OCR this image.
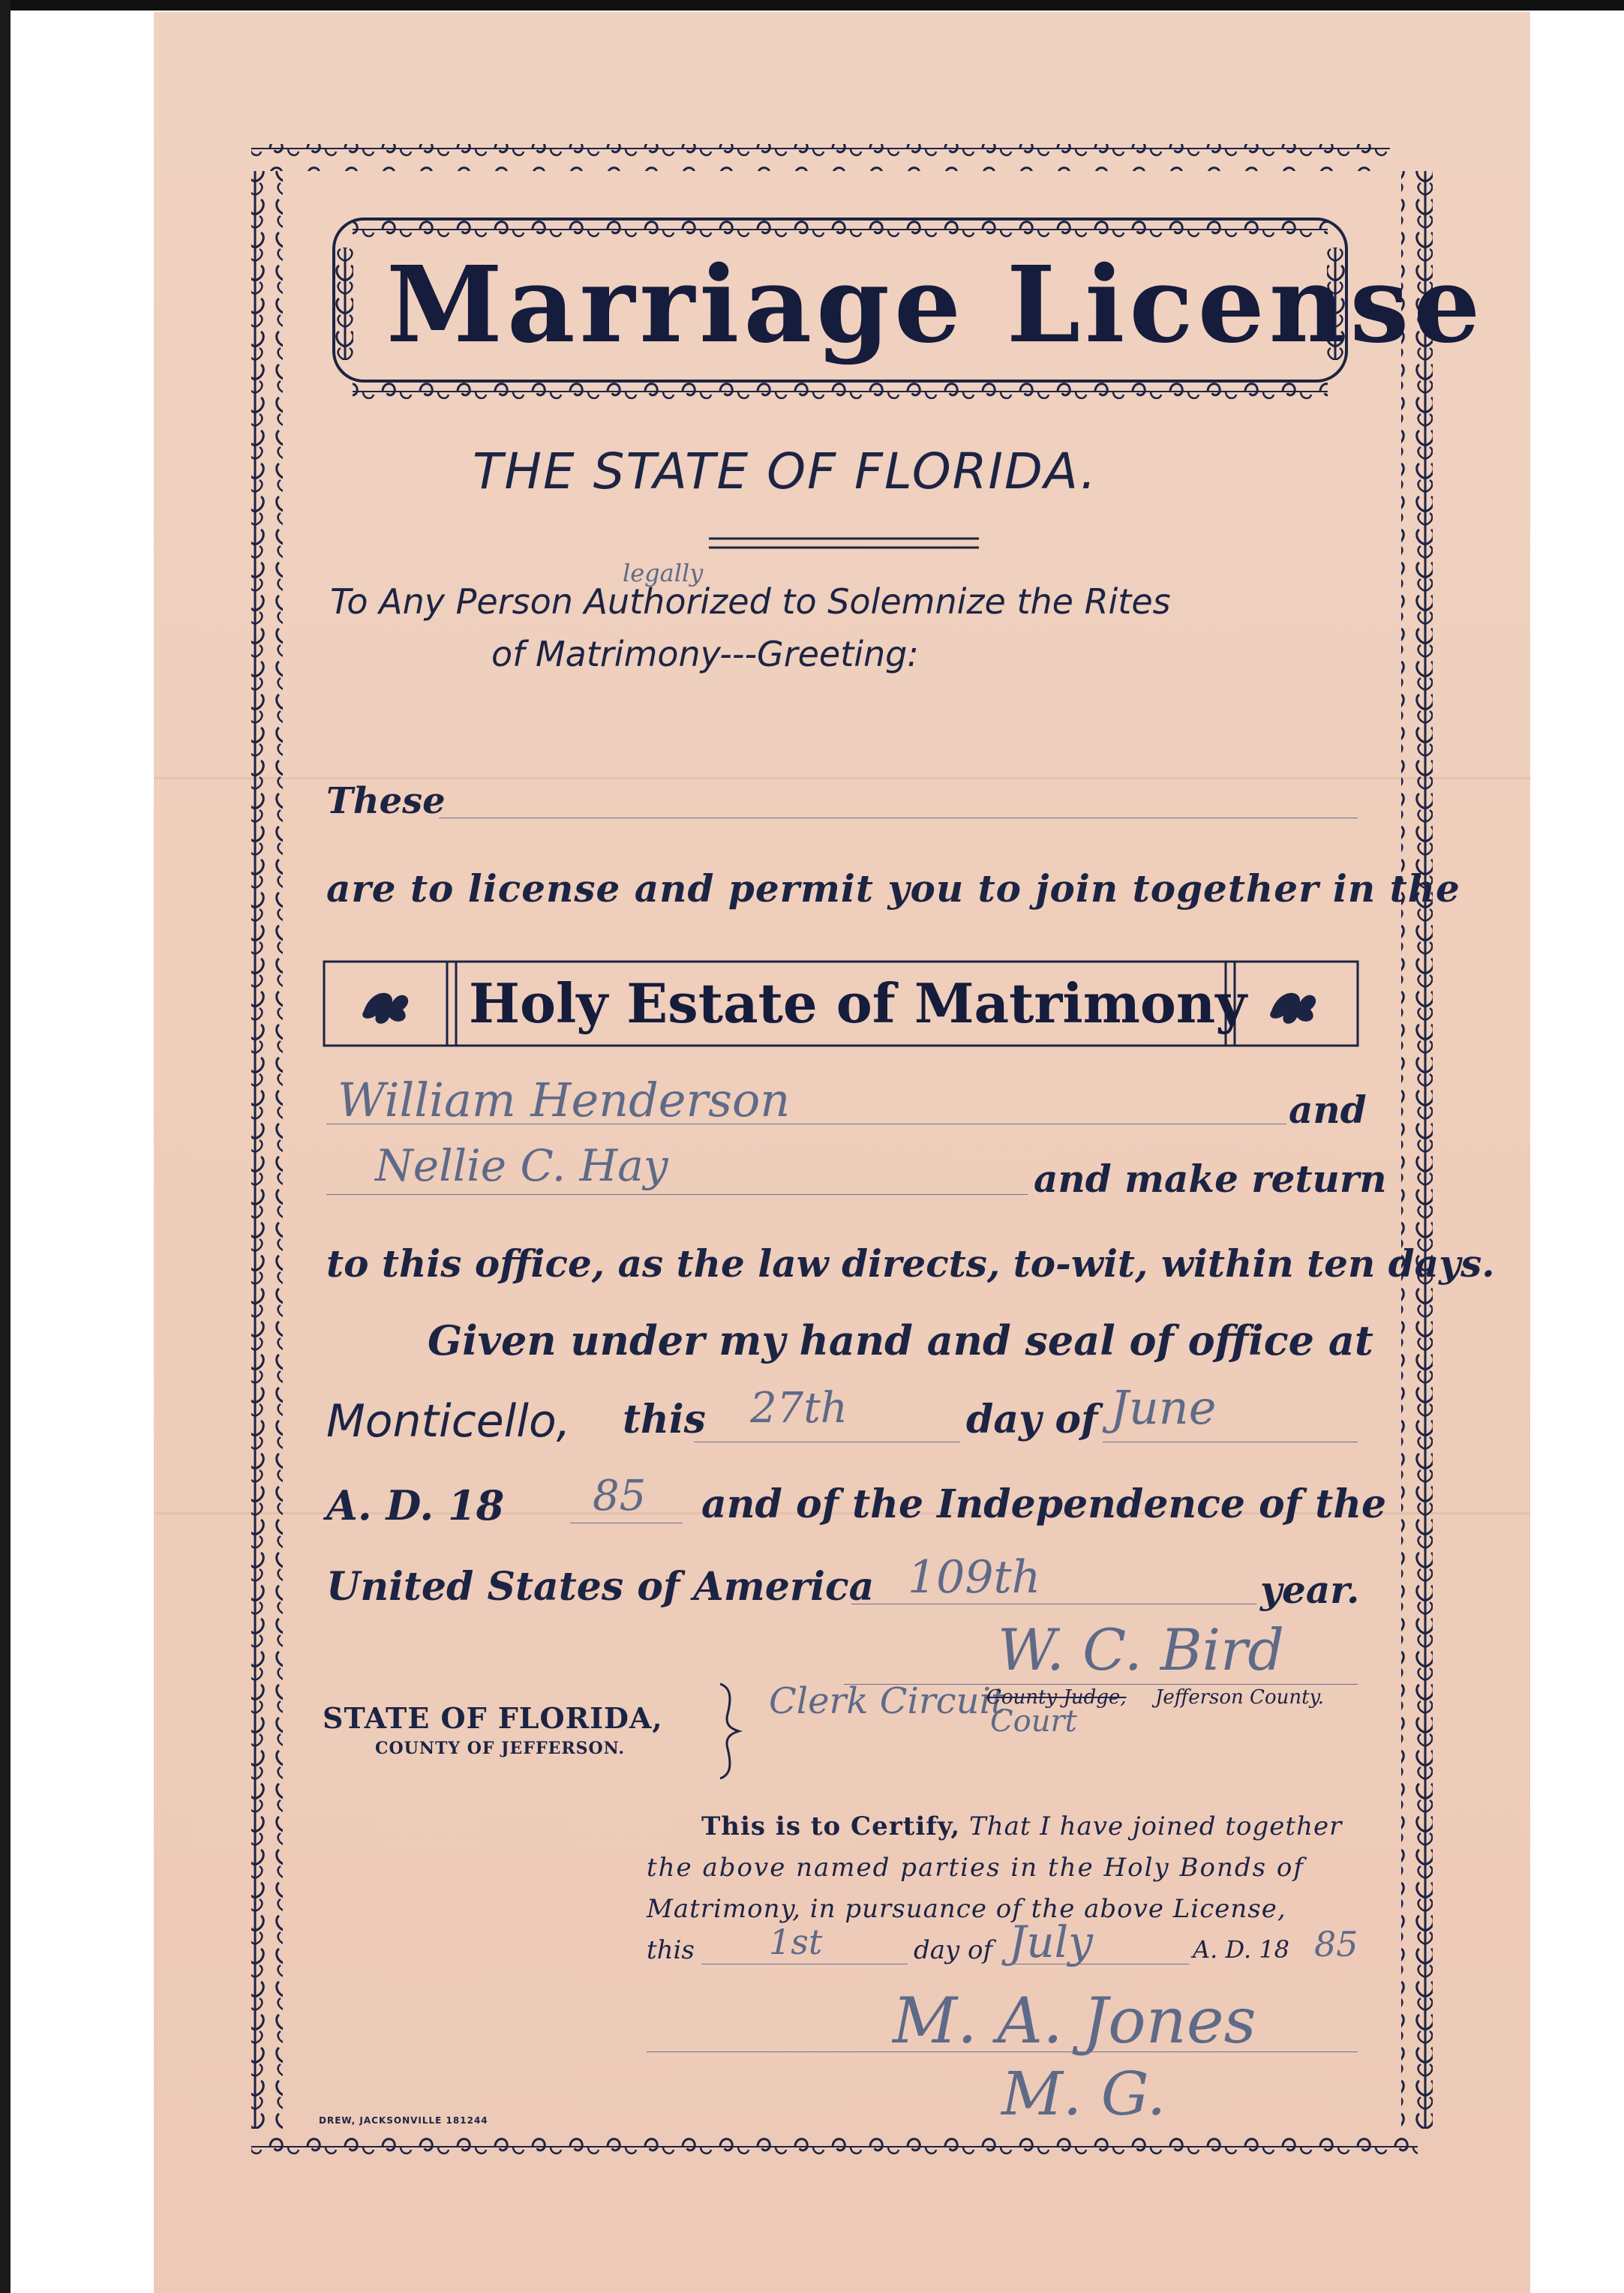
Marriage License
THE STATE OF FLORIDA.
To Any Person Authorized to Solemnize the Rites
legally
of Matrimony---Greeting:
These
are to license and permit you to join together in the
Holy Estate of Matrimony
William Henderson	and
Nellie C. Hay	and make return
to this office, as the law directs, to-wit, within ten days.
Given under my hand and seal of office at
Monticello, this 27th	day of June
A. D. 18 85 and of the Independence of the
United States of America 109th	year.
W. C. Bird
Clerk Circuit
County Judge,
Court
Jefferson County.
STATE OF FLORIDA,
COUNTY OF JEFFERSON.
This is to Certify, That I have joined together
the above named parties in the Holy Bonds of
Matrimony, in pursuance of the above License,
this 1st	day of July	A. D. 18 85
M. A. Jones
M. G.
DREW, JACKSONVILLE 181244
